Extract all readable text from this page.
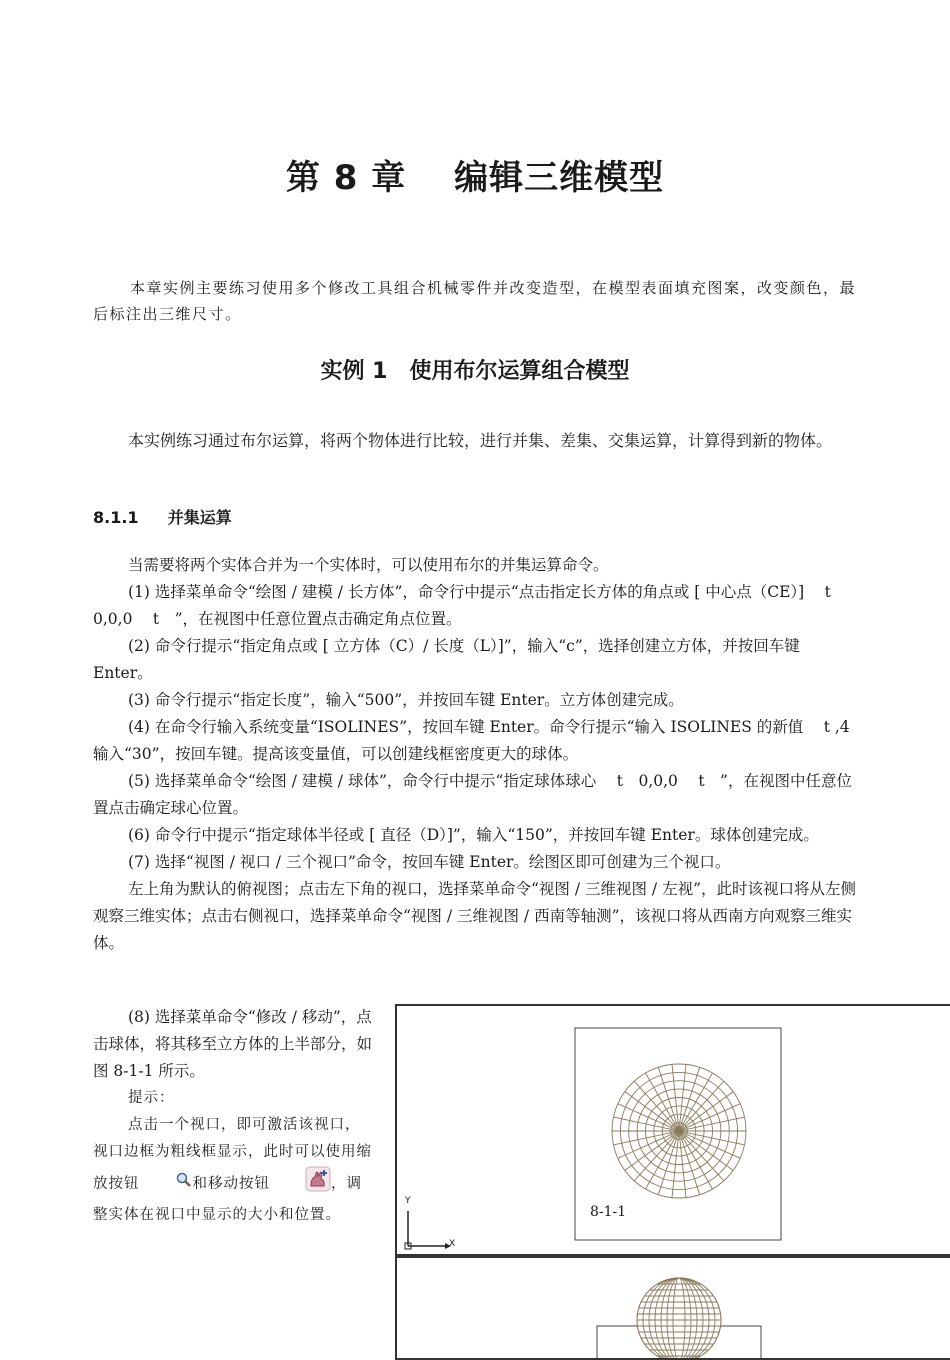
第 8 章　 编辑三维模型
本章实例主要练习使用多个修改工具组合机械零件并改变造型，在模型表面填充图案，改变颜色，最后标注出三维尺寸。
实例 1　使用布尔运算组合模型
本实例练习通过布尔运算，将两个物体进行比较，进行并集、差集、交集运算，计算得到新的物体。
8.1.1 并集运算

当需要将两个实体合并为一个实体时，可以使用布尔的并集运算命令。

(1) 选择菜单命令“绘图 / 建模 / 长方体”，命令行中提示“点击指定长方体的角点或 [ 中心点（CE）]　 t　0,0,0　 t　”，在视图中任意位置点击确定角点位置。

(2) 命令行提示“指定角点或 [ 立方体（C）/ 长度（L）]”，输入“c”，选择创建立方体，并按回车键 Enter。

(3) 命令行提示“指定长度”，输入“500”，并按回车键 Enter。立方体创建完成。

(4) 在命令行输入系统变量“ISOLINES”，按回车键 Enter。命令行提示“输入 ISOLINES 的新值　 t ,4输入“30”，按回车键。提高该变量值，可以创建线框密度更大的球体。

(5) 选择菜单命令“绘图 / 建模 / 球体”，命令行中提示“指定球体球心　 t　0,0,0　 t　”，在视图中任意位置点击确定球心位置。

(6) 命令行中提示“指定球体半径或 [ 直径（D）]”，输入“150”，并按回车键 Enter。球体创建完成。

(7) 选择“视图 / 视口 / 三个视口”命令，按回车键 Enter。绘图区即可创建为三个视口。

左上角为默认的俯视图；点击左下角的视口，选择菜单命令“视图 / 三维视图 / 左视”，此时该视口将从左侧观察三维实体；点击右侧视口，选择菜单命令“视图 / 三维视图 / 西南等轴测”，该视口将从西南方向观察三维实体。

(8) 选择菜单命令“修改 / 移动”，点击球体，将其移至立方体的上半部分，如图 8-1-1 所示。

提示：

点击一个视口，即可激活该视口，视口边框为粗线框显示，此时可以使用缩放按钮	和移动按钮	，调整实体在视口中显示的大小和位置。

Y
X
8-1-1
